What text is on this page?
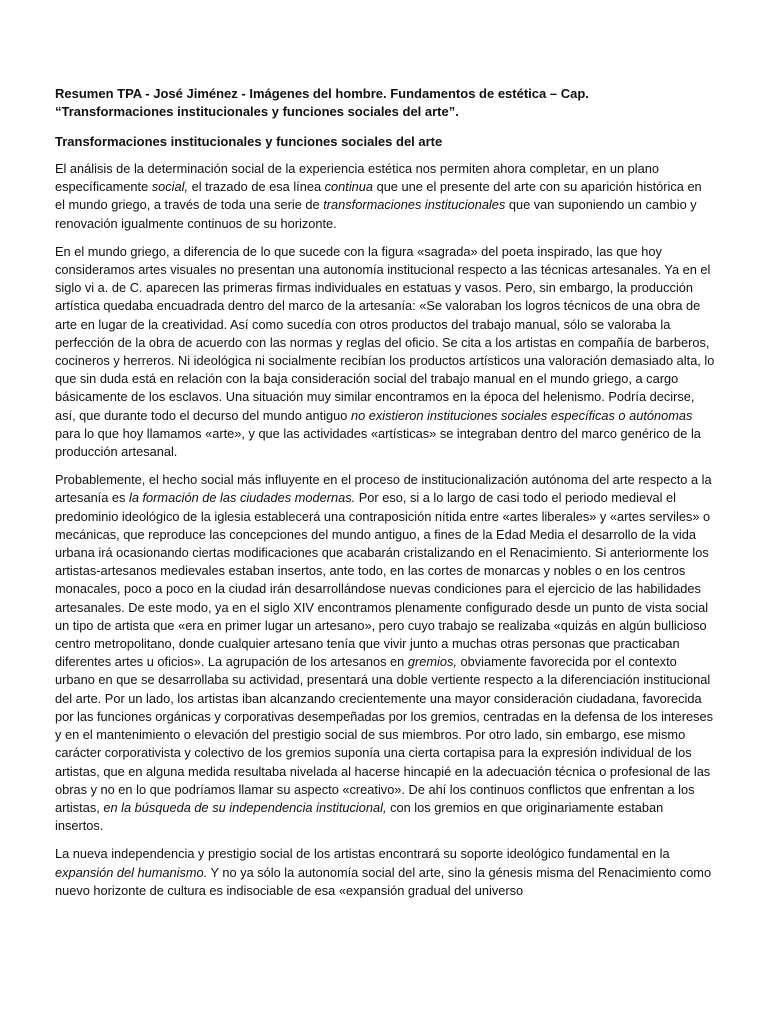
Resumen TPA - José Jiménez - Imágenes del hombre. Fundamentos de estética – Cap.
“Transformaciones institucionales y funciones sociales del arte”.
Transformaciones institucionales y funciones sociales del arte

El análisis de la determinación social de la experiencia estética nos permiten ahora completar, en un plano específicamente social, el trazado de esa línea continua que une el presente del arte con su aparición histórica en el mundo griego, a través de toda una serie de transformaciones institucionales que van suponiendo un cambio y renovación igualmente continuos de su horizonte.

En el mundo griego, a diferencia de lo que sucede con la figura «sagrada» del poeta inspirado, las que hoy consideramos artes visuales no presentan una autonomía institucional respecto a las técnicas artesanales. Ya en el siglo vi a. de C. aparecen las primeras firmas individuales en estatuas y vasos. Pero, sin embargo, la producción artística quedaba encuadrada dentro del marco de la artesanía: «Se valoraban los logros técnicos de una obra de arte en lugar de la creatividad. Así como sucedía con otros productos del trabajo manual, sólo se valoraba la perfección de la obra de acuerdo con las normas y reglas del oficio. Se cita a los artistas en compañía de barberos, cocineros y herreros. Ni ideológica ni socialmente recibían los productos artísticos una valoración demasiado alta, lo que sin duda está en relación con la baja consideración social del trabajo manual en el mundo griego, a cargo básicamente de los esclavos. Una situación muy similar encontramos en la época del helenismo. Podría decirse, así, que durante todo el decurso del mundo antiguo no existieron instituciones sociales específicas o autónomas para lo que hoy llamamos «arte», y que las actividades «artísticas» se integraban dentro del marco genérico de la producción artesanal.

Probablemente, el hecho social más influyente en el proceso de institucionalización autónoma del arte respecto a la artesanía es la formación de las ciudades modernas. Por eso, si a lo largo de casi todo el periodo medieval el predominio ideológico de la iglesia establecerá una contraposición nítida entre «artes liberales» y «artes serviles» o mecánicas, que reproduce las concepciones del mundo antiguo, a fines de la Edad Media el desarrollo de la vida urbana irá ocasionando ciertas modificaciones que acabarán cristalizando en el Renacimiento. Si anteriormente los artistas-artesanos medievales estaban insertos, ante todo, en las cortes de monarcas y nobles o en los centros monacales, poco a poco en la ciudad irán desarrollándose nuevas condiciones para el ejercicio de las habilidades artesanales. De este modo, ya en el siglo XIV encontramos plenamente configurado desde un punto de vista social un tipo de artista que «era en primer lugar un artesano», pero cuyo trabajo se realizaba «quizás en algún bullicioso centro metropolitano, donde cualquier artesano tenía que vivir junto a muchas otras personas que practicaban diferentes artes u oficios». La agrupación de los artesanos en gremios, obviamente favorecida por el contexto urbano en que se desarrollaba su actividad, presentará una doble vertiente respecto a la diferenciación institucional del arte. Por un lado, los artistas iban alcanzando crecientemente una mayor consideración ciudadana, favorecida por las funciones orgánicas y corporativas desempeñadas por los gremios, centradas en la defensa de los intereses y en el mantenimiento o elevación del prestigio social de sus miembros. Por otro lado, sin embargo, ese mismo carácter corporativista y colectivo de los gremios suponía una cierta cortapisa para la expresión individual de los artistas, que en alguna medida resultaba nivelada al hacerse hincapié en la adecuación técnica o profesional de las obras y no en lo que podríamos llamar su aspecto «creativo». De ahí los continuos conflictos que enfrentan a los artistas, en la búsqueda de su independencia institucional, con los gremios en que originariamente estaban insertos.

La nueva independencia y prestigio social de los artistas encontrará su soporte ideológico fundamental en la expansión del humanismo. Y no ya sólo la autonomía social del arte, sino la génesis misma del Renacimiento como nuevo horizonte de cultura es indisociable de esa «expansión gradual del universo
